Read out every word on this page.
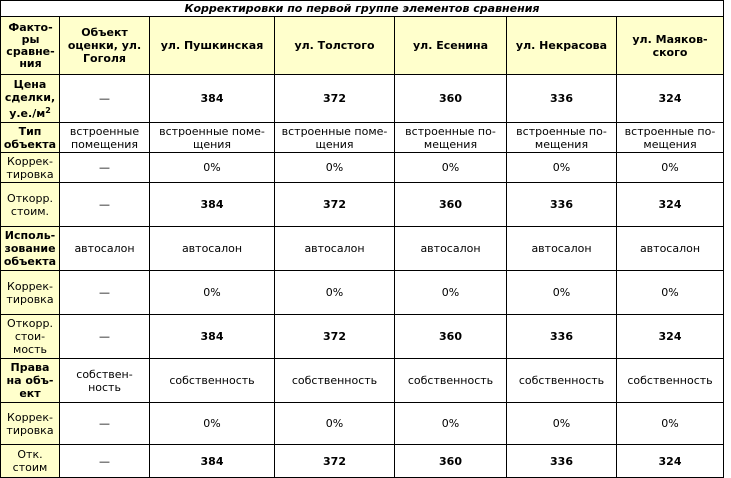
Корректировки по первой группе элементов сравнения						
Факто-ры сравне-ния	Объект оценки, ул. Гоголя	ул. Пушкинская	ул. Толстого	ул. Есенина	ул. Некрасова	ул. Маяков-ского
Цена сделки, $у.е./м^2$	—	384	372	360	336	324
Тип объекта	встроенные помещения	встроенные поме-щения	встроенные поме-щения	встроенные по-мещения	встроенные по-мещения	встроенные по-мещения
Коррек-тировка	—	0%	0%	0%	0%	0%
Откорр. стоим.	—	384	372	360	336	324
Исполь-зование объекта	автосалон	автосалон	автосалон	автосалон	автосалон	автосалон
Коррек-тировка	—	0%	0%	0%	0%	0%
Откорр. стои-мость	—	384	372	360	336	324
Права на объ-ект	собствен-ность	собственность	собственность	собственность	собственность	собственность
Коррек-тировка	—	0%	0%	0%	0%	0%
Отк. стоим	—	384	372	360	336	324
